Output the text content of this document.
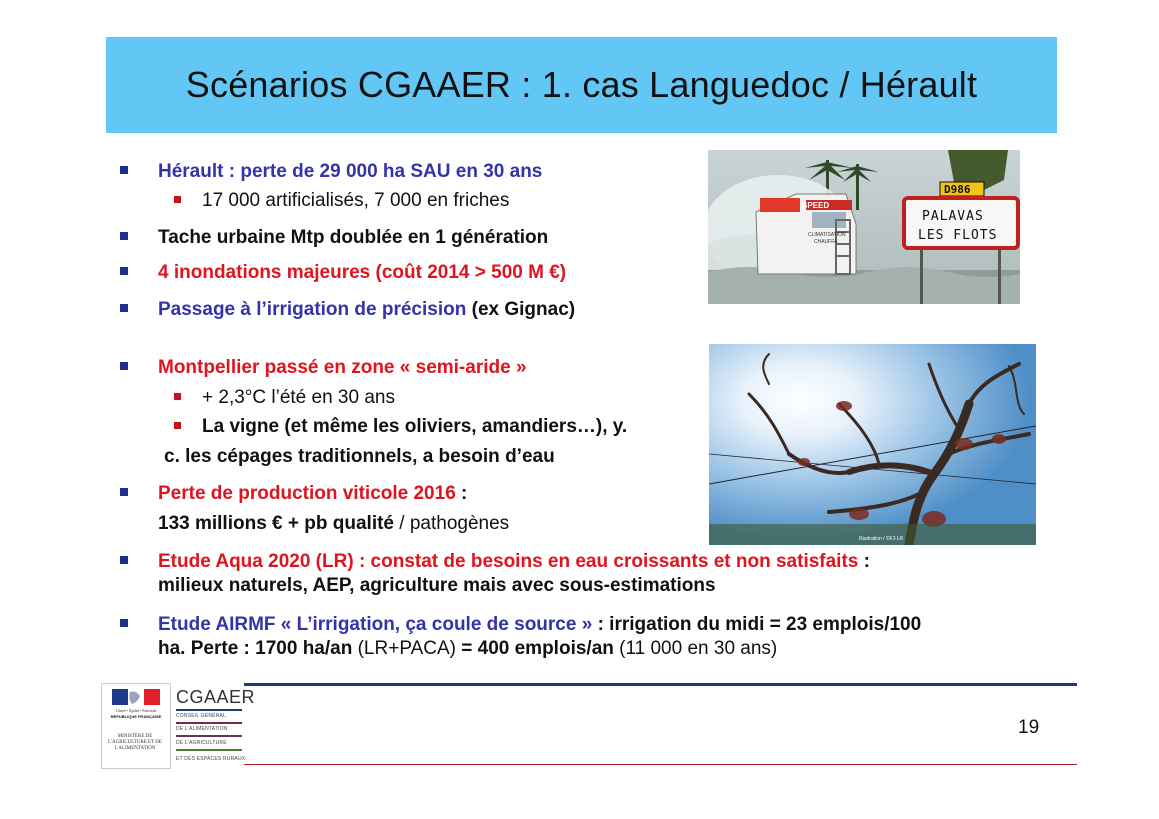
Scénarios CGAAER : 1. cas Languedoc / Hérault
Hérault : perte de 29 000 ha SAU en 30 ans
17 000 artificialisés, 7 000 en friches
Tache urbaine Mtp doublée en 1 génération
4 inondations majeures (coût 2014 > 500 M €)
Passage à l’irrigation de précision (ex Gignac)
Montpellier passé en zone « semi-aride »
+ 2,3°C l’été en 30 ans
La vigne (et même les oliviers, amandiers…), y.
c. les cépages traditionnels, a besoin d’eau
Perte de production viticole 2016 :
133 millions € + pb qualité / pathogènes
Etude Aqua 2020 (LR) : constat de besoins en eau croissants et non satisfaits :
milieux naturels, AEP, agriculture mais avec sous-estimations
Etude AIRMF « L’irrigation, ça coule de source » : irrigation du midi = 23 emplois/100
ha. Perte : 1700 ha/an (LR+PACA) = 400 emplois/an (11 000 en 30 ans)
SPEED
CLIMATISATION
CHAUFFA
D986
PALAVAS
LES FLOTS
Illustration / ©F3 LR
Liberté • Égalité • Fraternité
RÉPUBLIQUE FRANÇAISE
MINISTÈRE DE L'AGRICULTURE ET DE L'ALIMENTATION
CGAAER
CONSEIL GÉNÉRAL
DE L'ALIMENTATION
DE L'AGRICULTURE
ET DES ESPACES RURAUX
19
